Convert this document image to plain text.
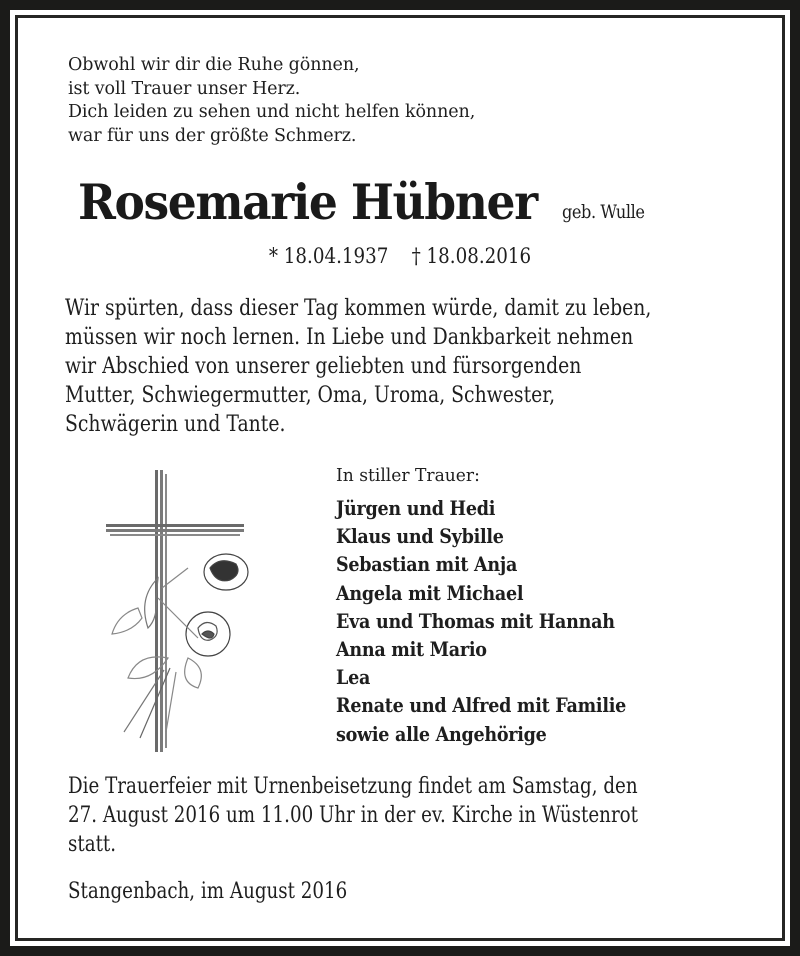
Obwohl wir dir die Ruhe gönnen,
ist voll Trauer unser Herz.
Dich leiden zu sehen und nicht helfen können,
war für uns der größte Schmerz.
Rosemarie Hübner	geb. Wulle
* 18.04.1937 † 18.08.2016
Wir spürten, dass dieser Tag kommen würde, damit zu leben,
müssen wir noch lernen. In Liebe und Dankbarkeit nehmen
wir Abschied von unserer geliebten und fürsorgenden
Mutter, Schwiegermutter, Oma, Uroma, Schwester,
Schwägerin und Tante.
In stiller Trauer:
Jürgen und Hedi
Klaus und Sybille
Sebastian mit Anja
Angela mit Michael
Eva und Thomas mit Hannah
Anna mit Mario
Lea
Renate und Alfred mit Familie
sowie alle Angehörige
Die Trauerfeier mit Urnenbeisetzung findet am Samstag, den
27. August 2016 um 11.00 Uhr in der ev. Kirche in Wüstenrot
statt.
Stangenbach, im August 2016
